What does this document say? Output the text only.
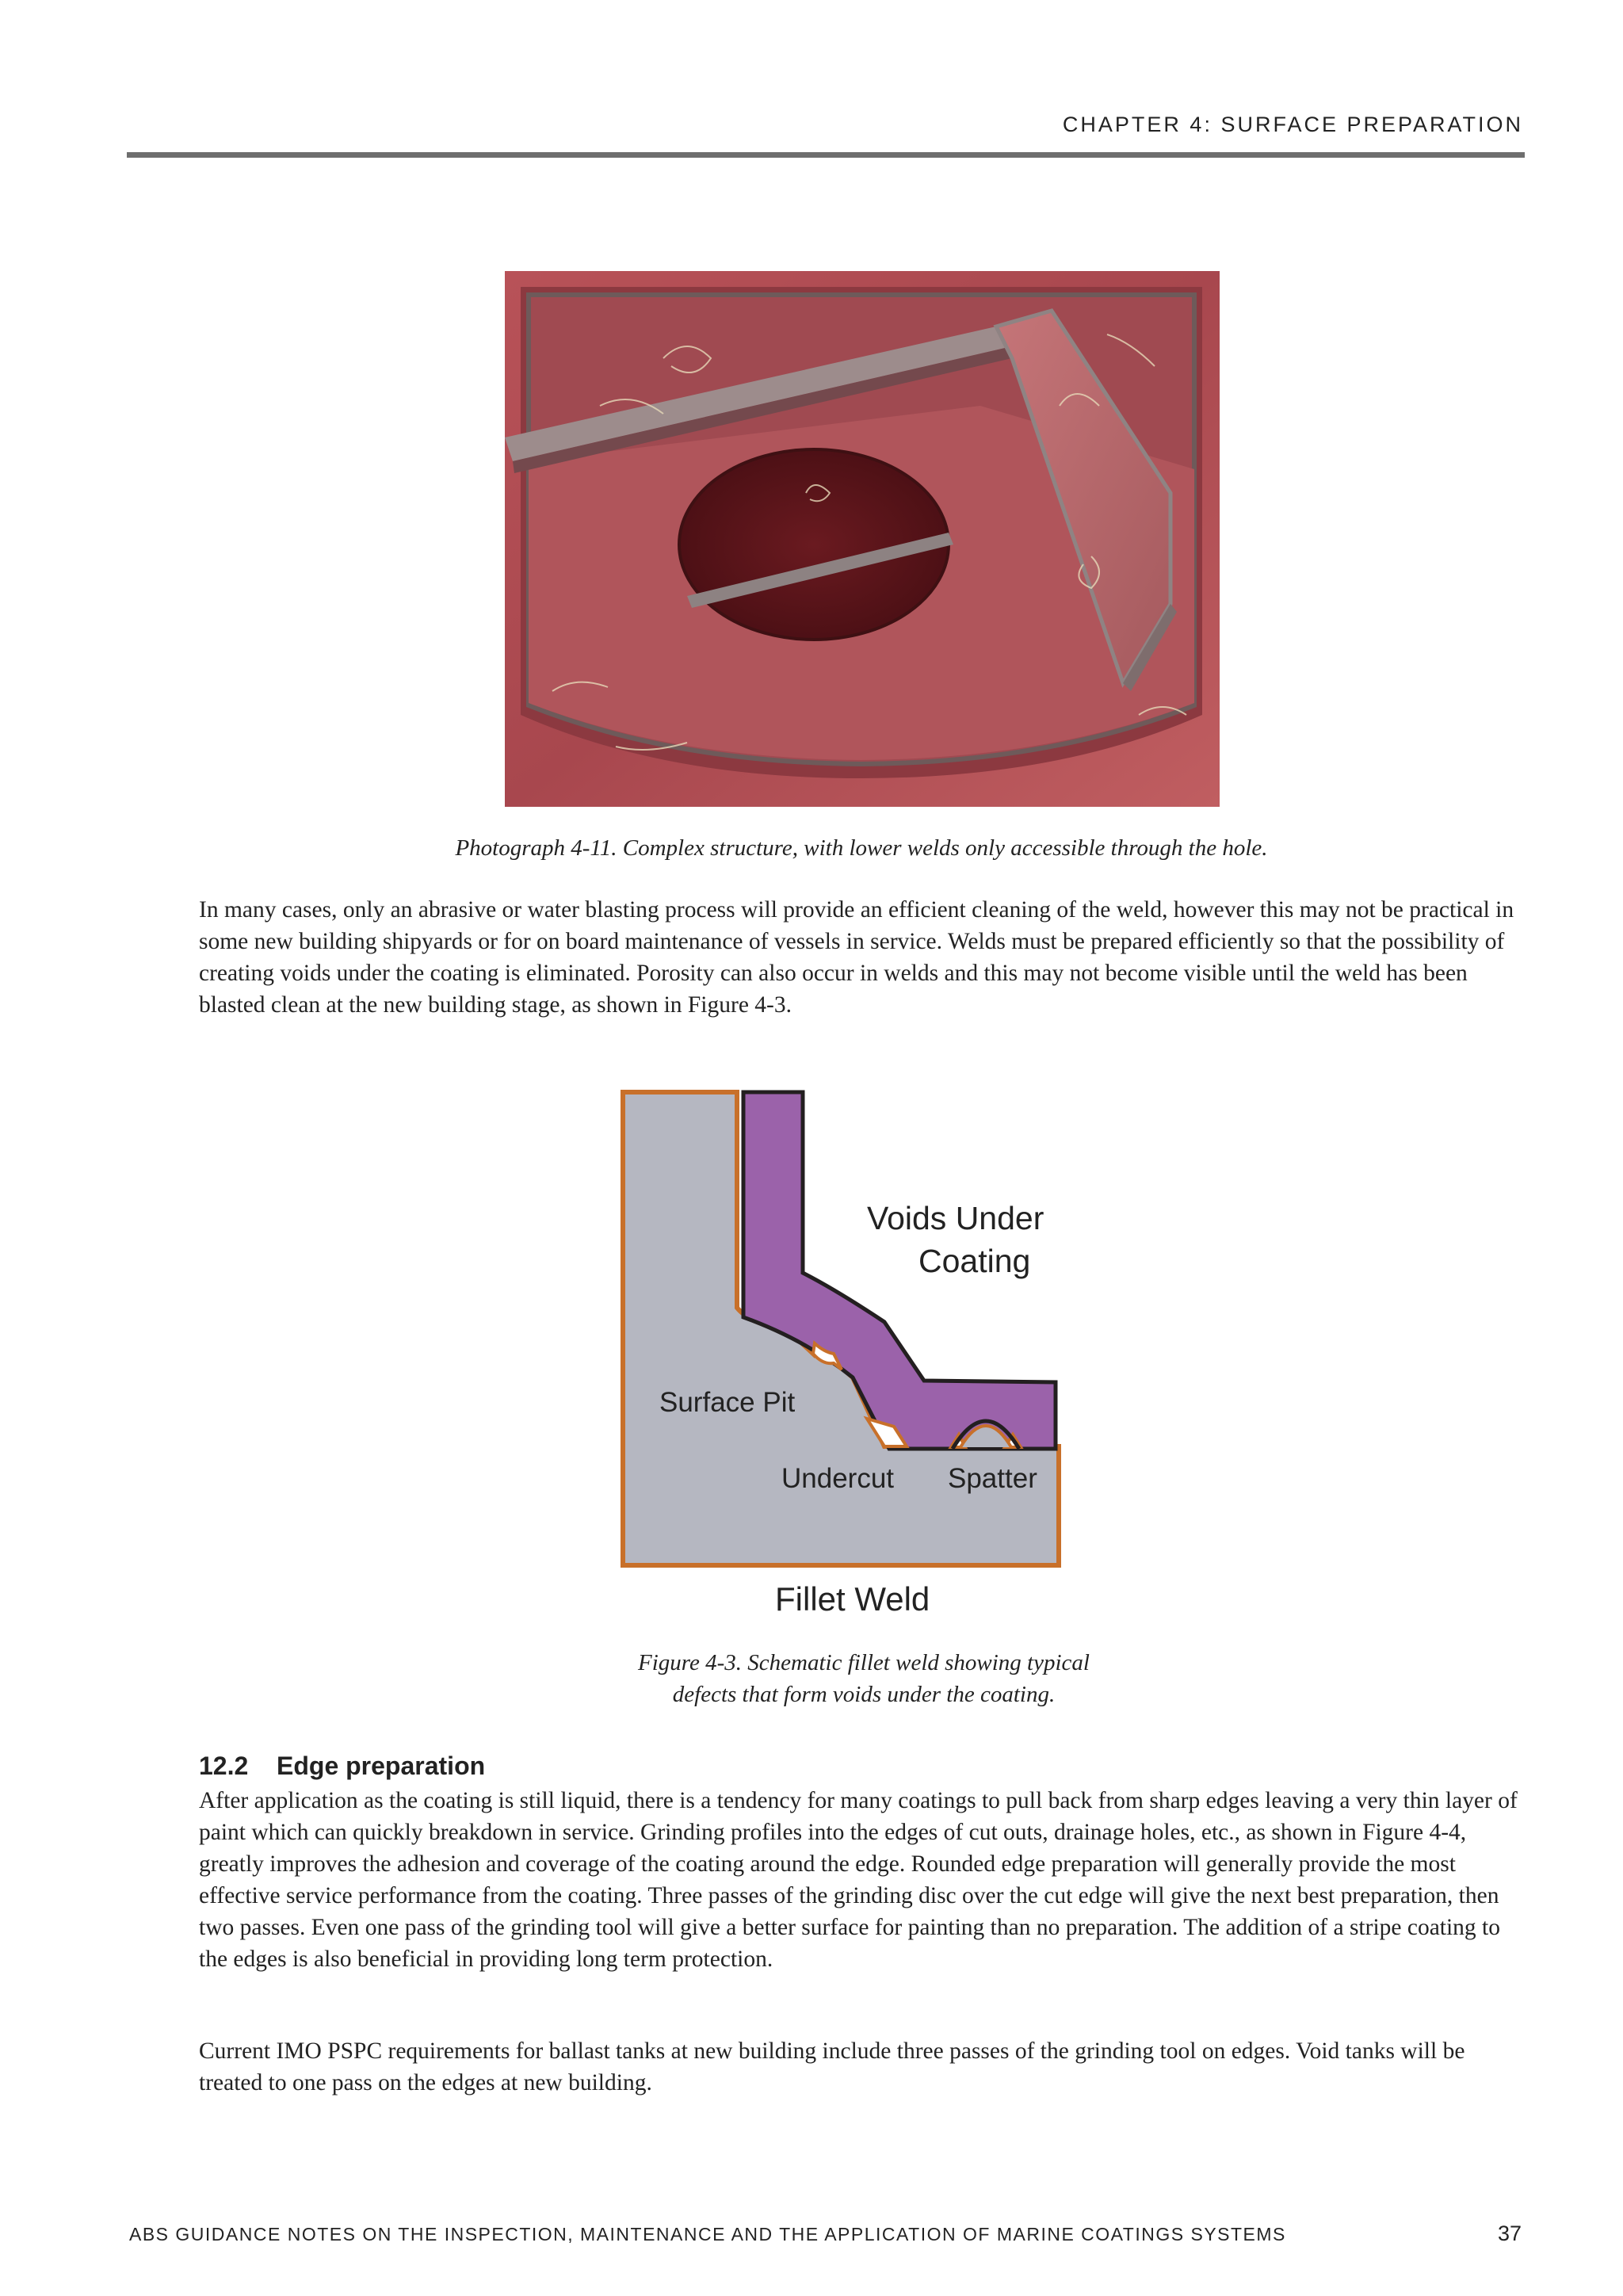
CHAPTER 4: SURFACE PREPARATION
Photograph 4-11. Complex structure, with lower welds only accessible through the hole.

In many cases, only an abrasive or water blasting process will provide an efficient cleaning of the weld, however this may not be practical in some new building shipyards or for on board maintenance of vessels in service. Welds must be prepared efficiently so that the possibility of creating voids under the coating is eliminated. Porosity can also occur in welds and this may not become visible until the weld has been blasted clean at the new building stage, as shown in Figure 4-3.

Voids Under
Coating
Surface Pit
Undercut Spatter
Fillet Weld
Figure 4-3. Schematic fillet weld showing typical
defects that form voids under the coating.
12.2 Edge preparation

After application as the coating is still liquid, there is a tendency for many coatings to pull back from sharp edges leaving a very thin layer of paint which can quickly breakdown in service. Grinding profiles into the edges of cut outs, drainage holes, etc., as shown in Figure 4-4, greatly improves the adhesion and coverage of the coating around the edge. Rounded edge preparation will generally provide the most effective service performance from the coating. Three passes of the grinding disc over the cut edge will give the next best preparation, then two passes. Even one pass of the grinding tool will give a better surface for painting than no preparation. The addition of a stripe coating to the edges is also beneficial in providing long term protection.

Current IMO PSPC requirements for ballast tanks at new building include three passes of the grinding tool on edges. Void tanks will be treated to one pass on the edges at new building.

ABS GUIDANCE NOTES ON THE INSPECTION, MAINTENANCE AND THE APPLICATION OF MARINE COATINGS SYSTEMS	37
